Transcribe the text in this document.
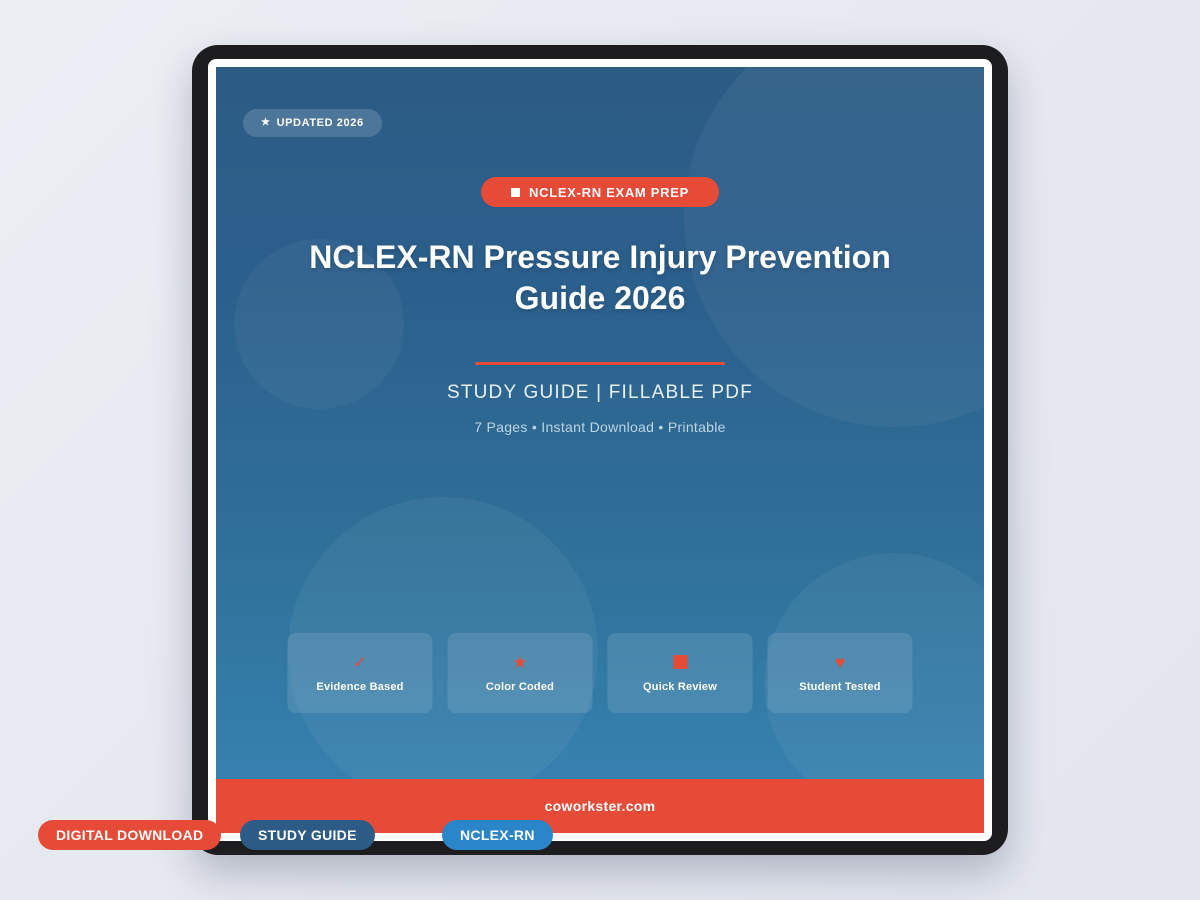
★ UPDATED 2026
NCLEX-RN EXAM PREP
NCLEX-RN Pressure Injury Prevention Guide 2026
STUDY GUIDE | FILLABLE PDF
7 Pages • Instant Download • Printable
✓
Evidence Based
★
Color Coded	Quick Review
♥
Student Tested
coworkster.com
DIGITAL DOWNLOAD	STUDY GUIDE	NCLEX-RN
